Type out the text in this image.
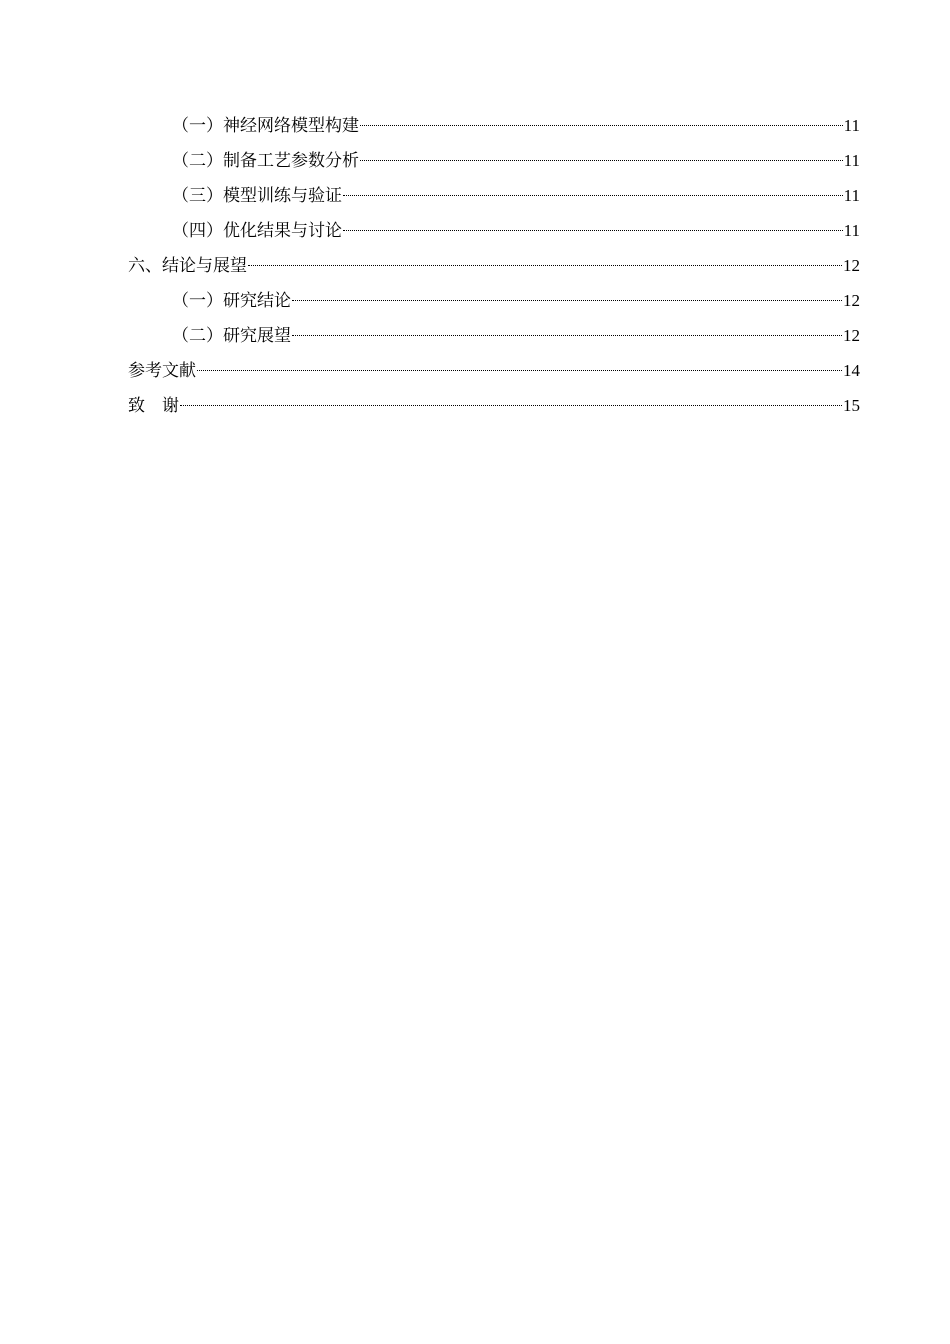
（一）神经网络模型构建	11
（二）制备工艺参数分析	11
（三）模型训练与验证	11
（四）优化结果与讨论	11
六、结论与展望	12
（一）研究结论	12
（二）研究展望	12
参考文献	14
致　谢	15
